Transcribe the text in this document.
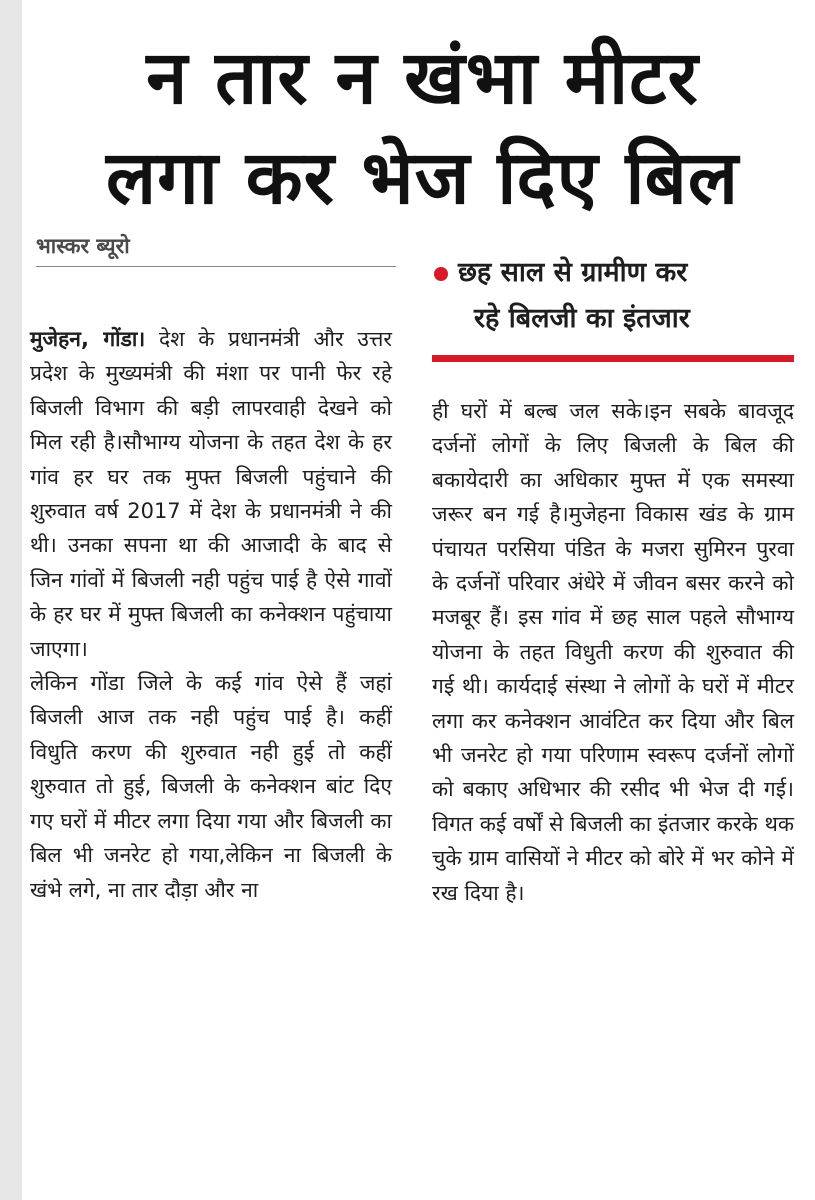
न तार न खंभा मीटर
लगा कर भेज दिए बिल
भास्कर ब्यूरो
छह साल से ग्रामीण कर
रहे बिलजी का इंतजार

मुजेहन, गोंडा। देश के प्रधानमंत्री और उत्तर प्रदेश के मुख्यमंत्री की मंशा पर पानी फेर रहे बिजली विभाग की बड़ी लापरवाही देखने को मिल रही है।सौभाग्य योजना के तहत देश के हर गांव हर घर तक मुफ्त बिजली पहुंचाने की शुरुवात वर्ष 2017 में देश के प्रधानमंत्री ने की थी। उनका सपना था की आजादी के बाद से जिन गांवों में बिजली नही पहुंच पाई है ऐसे गावों के हर घर में मुफ्त बिजली का कनेक्शन पहुंचाया जाएगा।

लेकिन गोंडा जिले के कई गांव ऐसे हैं जहां बिजली आज तक नही पहुंच पाई है। कहीं विधुति करण की शुरुवात नही हुई तो कहीं शुरुवात तो हुई, बिजली के कनेक्शन बांट दिए गए घरों में मीटर लगा दिया गया और बिजली का बिल भी जनरेट हो गया,लेकिन ना बिजली के खंभे लगे, ना तार दौड़ा और ना

ही घरों में बल्ब जल सके।इन सबके बावजूद दर्जनों लोगों के लिए बिजली के बिल की बकायेदारी का अधिकार मुफ्त में एक समस्या जरूर बन गई है।मुजेहना विकास खंड के ग्राम पंचायत परसिया पंडित के मजरा सुमिरन पुरवा के दर्जनों परिवार अंधेरे में जीवन बसर करने को मजबूर हैं। इस गांव में छह साल पहले सौभाग्य योजना के तहत विधुती करण की शुरुवात की गई थी। कार्यदाई संस्था ने लोगों के घरों में मीटर लगा कर कनेक्शन आवंटित कर दिया और बिल भी जनरेट हो गया परिणाम स्वरूप दर्जनों लोगों को बकाए अधिभार की रसीद भी भेज दी गई। विगत कई वर्षों से बिजली का इंतजार करके थक चुके ग्राम वासियों ने मीटर को बोरे में भर कोने में रख दिया है।
